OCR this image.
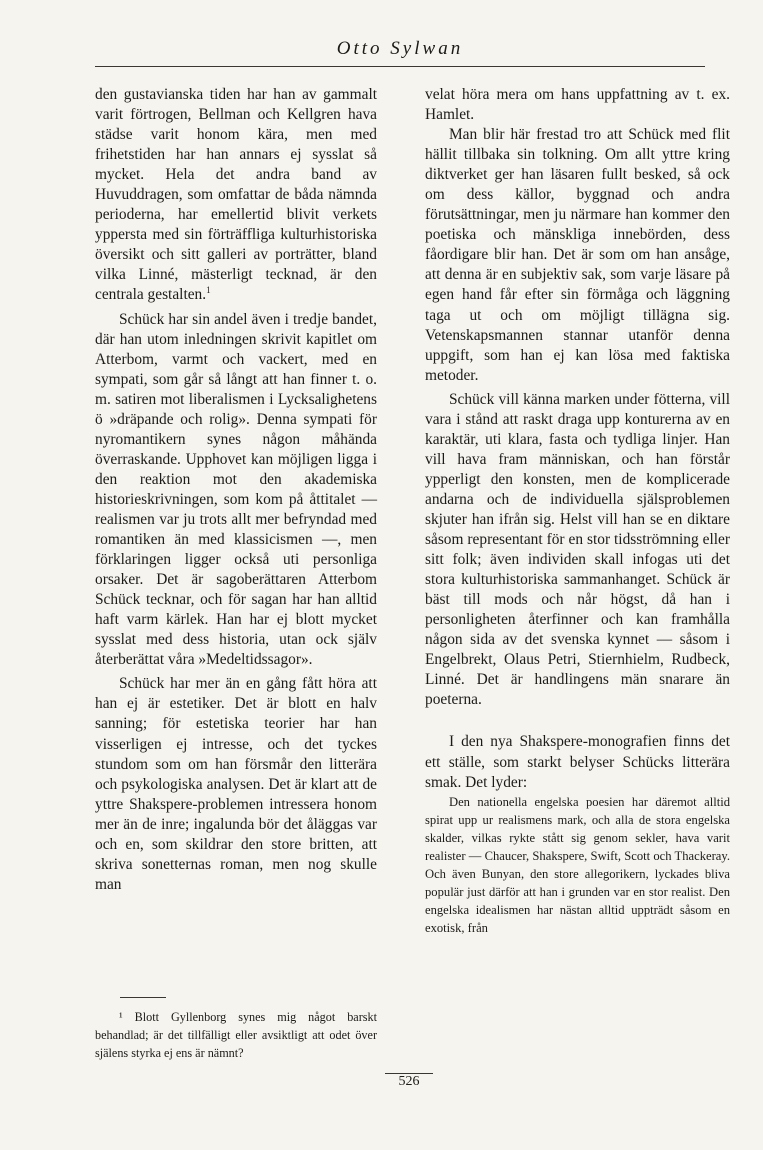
Otto Sylwan

den gustavianska tiden har han av gammalt varit förtrogen, Bellman och Kellgren hava städse varit honom kära, men med frihetstiden har han annars ej sysslat så mycket. Hela det andra band av Huvuddragen, som omfattar de båda nämnda perioderna, har emellertid blivit verkets yppersta med sin förträffliga kulturhistoriska översikt och sitt galleri av porträtter, bland vilka Linné, mästerligt tecknad, är den centrala gestalten.$^1$

Schück har sin andel även i tredje bandet, där han utom inledningen skrivit kapitlet om Atterbom, varmt och vackert, med en sympati, som går så långt att han finner t. o. m. satiren mot liberalismen i Lycksalighetens ö »dräpande och rolig». Denna sympati för nyromantikern synes någon måhända överraskande. Upphovet kan möjligen ligga i den reaktion mot den akademiska historieskrivningen, som kom på åttitalet — realismen var ju trots allt mer befryndad med romantiken än med klassicismen —, men förklaringen ligger också uti personliga orsaker. Det är sagoberättaren Atterbom Schück tecknar, och för sagan har han alltid haft varm kärlek. Han har ej blott mycket sysslat med dess historia, utan ock själv återberättat våra »Medeltidssagor».

Schück har mer än en gång fått höra att han ej är estetiker. Det är blott en halv sanning; för estetiska teorier har han visserligen ej intresse, och det tyckes stundom som om han försmår den litterära och psykologiska analysen. Det är klart att de yttre Shakspere-problemen intressera honom mer än de inre; ingalunda bör det åläggas var och en, som skildrar den store britten, att skriva sonetternas roman, men nog skulle man

velat höra mera om hans uppfattning av t. ex. Hamlet.

Man blir här frestad tro att Schück med flit hällit tillbaka sin tolkning. Om allt yttre kring diktverket ger han läsaren fullt besked, så ock om dess källor, byggnad och andra förutsättningar, men ju närmare han kommer den poetiska och mänskliga innebörden, dess fåordigare blir han. Det är som om han ansåge, att denna är en subjektiv sak, som varje läsare på egen hand får efter sin förmåga och läggning taga ut och om möjligt tillägna sig. Vetenskapsmannen stannar utanför denna uppgift, som han ej kan lösa med faktiska metoder.

Schück vill känna marken under fötterna, vill vara i stånd att raskt draga upp konturerna av en karaktär, uti klara, fasta och tydliga linjer. Han vill hava fram människan, och han förstår ypperligt den konsten, men de komplicerade andarna och de individuella själsproblemen skjuter han ifrån sig. Helst vill han se en diktare såsom representant för en stor tidsströmning eller sitt folk; även individen skall infogas uti det stora kulturhistoriska sammanhanget. Schück är bäst till mods och når högst, då han i personligheten återfinner och kan framhålla någon sida av det svenska kynnet — såsom i Engelbrekt, Olaus Petri, Stiernhielm, Rudbeck, Linné. Det är handlingens män snarare än poeterna.

I den nya Shakspere-monografien finns det ett ställe, som starkt belyser Schücks litterära smak. Det lyder:

Den nationella engelska poesien har däremot alltid spirat upp ur realismens mark, och alla de stora engelska skalder, vilkas rykte stått sig genom sekler, hava varit realister — Chaucer, Shakspere, Swift, Scott och Thackeray. Och även Bunyan, den store allegorikern, lyckades bliva populär just därför att han i grunden var en stor realist. Den engelska idealismen har nästan alltid uppträdt såsom en exotisk, från

¹ Blott Gyllenborg synes mig något barskt behandlad; är det tillfälligt eller avsiktligt att odet över själens styrka ej ens är nämnt?
526
